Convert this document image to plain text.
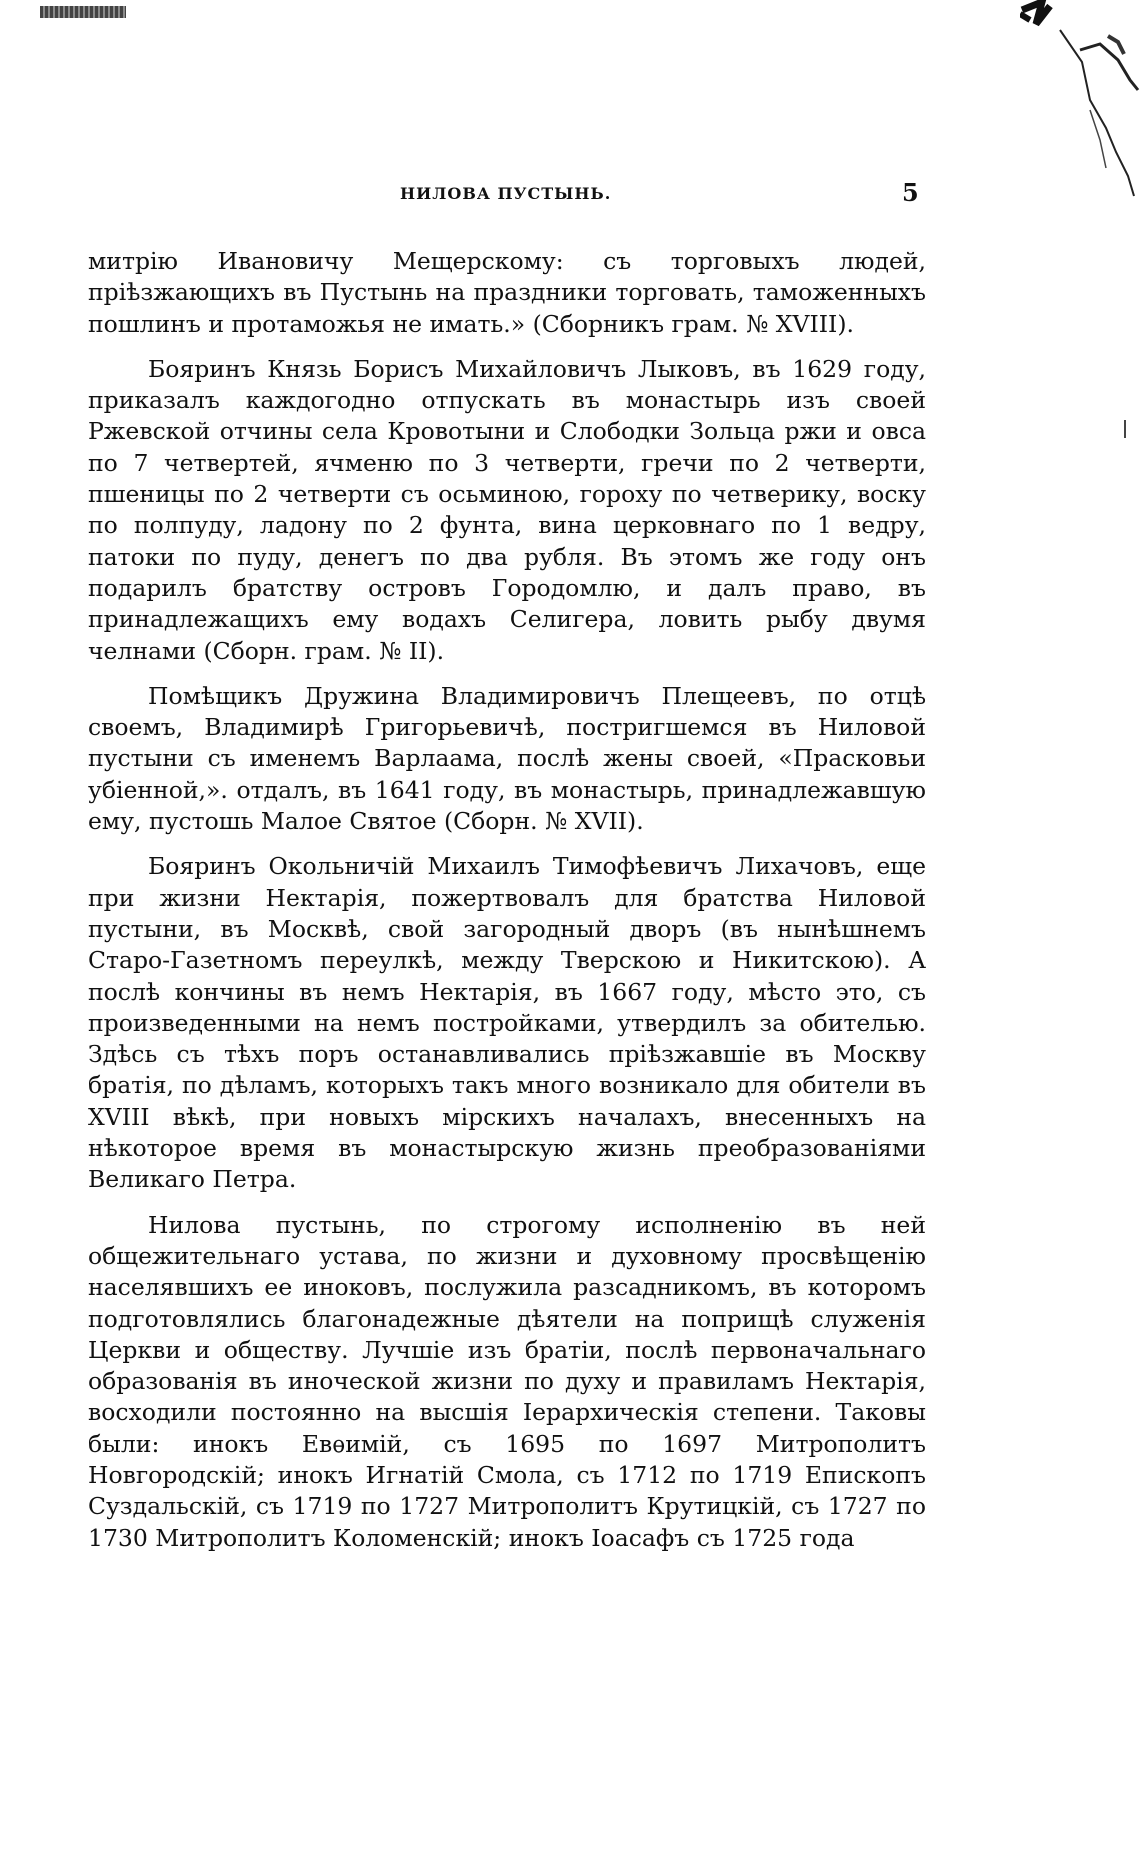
НИЛОВА ПУСТЫНЬ.	5

митрію Ивановичу Мещерскому: съ торговыхъ людей, пріѣзжающихъ въ Пустынь на праздники торговать, таможенныхъ пошлинъ и протаможья не имать.» (Сборникъ грам. № XVIII).

Бояринъ Князь Борисъ Михайловичъ Лыковъ, въ 1629 году, приказалъ каждогодно отпускать въ монастырь изъ своей Ржевской отчины села Кровотыни и Слободки Зольца ржи и овса по 7 четвертей, ячменю по 3 четверти, гречи по 2 четверти, пшеницы по 2 четверти съ осьминою, гороху по четверику, воску по полпуду, ладону по 2 фунта, вина церковнаго по 1 ведру, патоки по пуду, денегъ по два рубля. Въ этомъ же году онъ подарилъ братству островъ Городомлю, и далъ право, въ принадлежащихъ ему водахъ Селигера, ловить рыбу двумя челнами (Сборн. грам. № II).

Помѣщикъ Дружина Владимировичъ Плещеевъ, по отцѣ своемъ, Владимирѣ Григорьевичѣ, постригшемся въ Ниловой пустыни съ именемъ Варлаама, послѣ жены своей, «Прасковьи убіенной,». отдалъ, въ 1641 году, въ монастырь, принадлежавшую ему, пустошь Малое Святое (Сборн. № XVII).

Бояринъ Окольничій Михаилъ Тимофѣевичъ Лихачовъ, еще при жизни Нектарія, пожертвовалъ для братства Ниловой пустыни, въ Москвѣ, свой загородный дворъ (въ нынѣшнемъ Старо-Газетномъ переулкѣ, между Тверскою и Никитскою). А послѣ кончины въ немъ Нектарія, въ 1667 году, мѣсто это, съ произведенными на немъ постройками, утвердилъ за обителью. Здѣсь съ тѣхъ поръ останавливались пріѣзжавшіе въ Москву братія, по дѣламъ, которыхъ такъ много возникало для обители въ XVIII вѣкѣ, при новыхъ мірскихъ началахъ, внесенныхъ на нѣкоторое время въ монастырскую жизнь преобразованіями Великаго Петра.

Нилова пустынь, по строгому исполненію въ ней общежительнаго устава, по жизни и духовному просвѣщенію населявшихъ ее иноковъ, послужила разсадникомъ, въ которомъ подготовлялись благонадежные дѣятели на поприщѣ служенія Церкви и обществу. Лучшіе изъ братіи, послѣ первоначальнаго образованія въ иноческой жизни по духу и правиламъ Нектарія, восходили постоянно на высшія Іерархическія степени. Таковы были: инокъ Евѳимій, съ 1695 по 1697 Митрополитъ Новгородскій; инокъ Игнатій Смола, съ 1712 по 1719 Епископъ Суздальскій, съ 1719 по 1727 Митрополитъ Крутицкій, съ 1727 по 1730 Митрополитъ Коломенскій; инокъ Іоасафъ съ 1725 года
